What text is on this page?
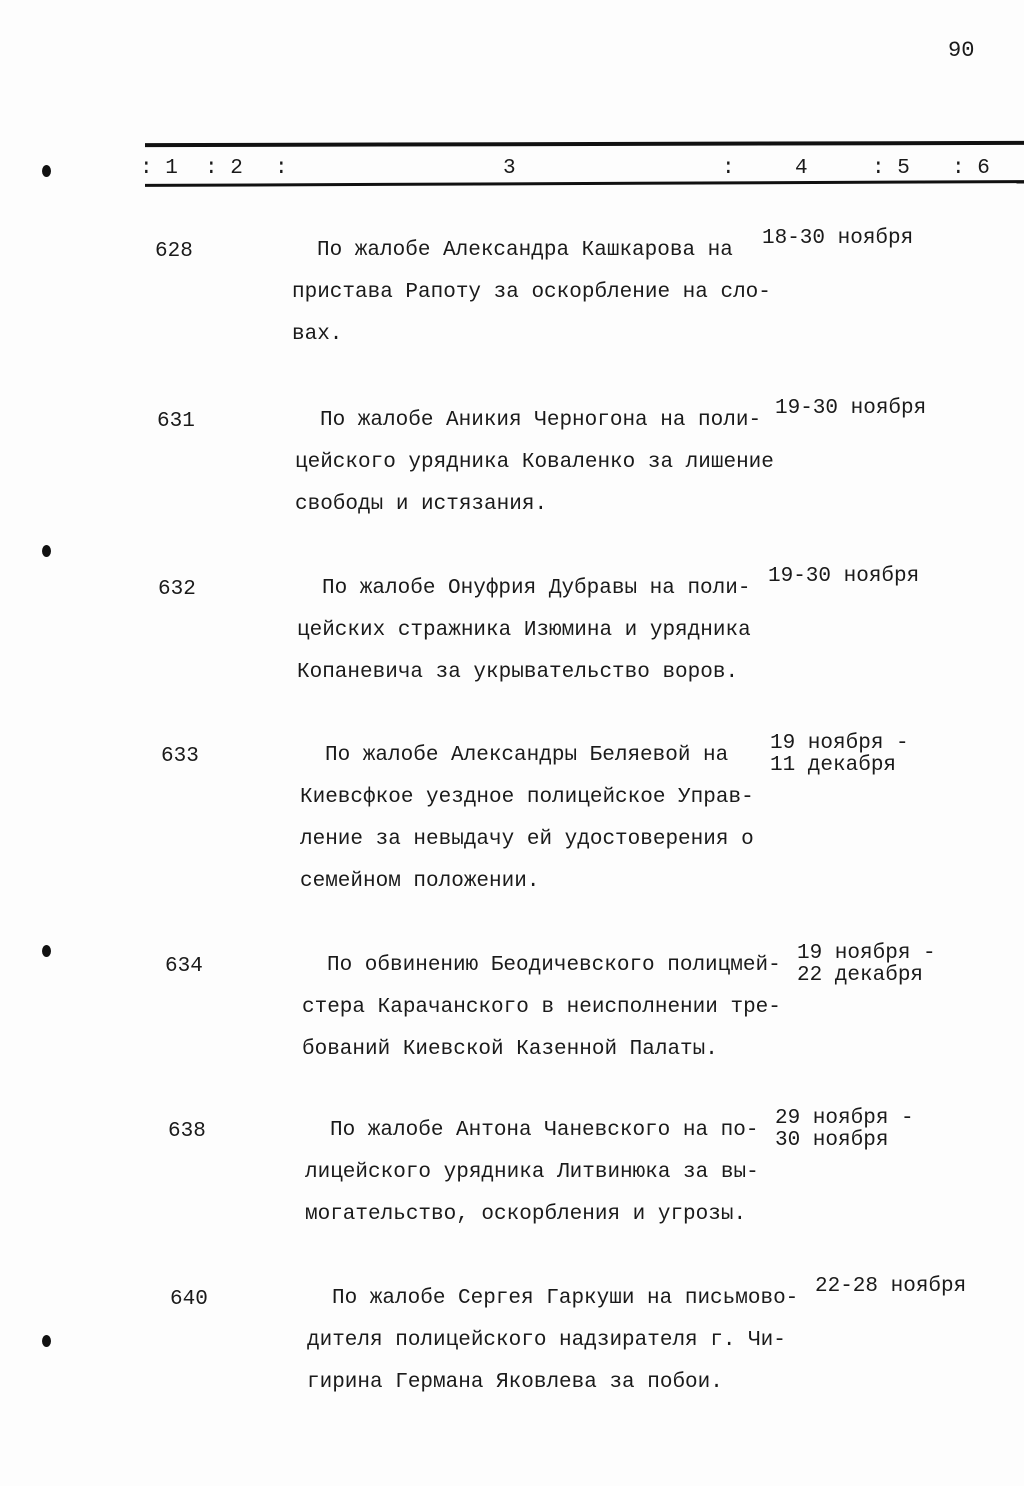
90
: 1 : 2 :	3	:	4	: 5 : 6
628	По жалобе Александра Кашкарова на
пристава Рапоту за оскорбление на сло-
вах.
18-30 ноября
631	По жалобе Аникия Черногона на поли-
цейского урядника Коваленко за лишение
свободы и истязания.
19-30 ноября
632	По жалобе Онуфрия Дубравы на поли-
цейских стражника Изюмина и урядника
Копаневича за укрывательство воров.
19-30 ноября
633	По жалобе Александры Беляевой на
Киевсфкое уездное полицейское Управ-
ление за невыдачу ей удостоверения о
семейном положении.
19 ноября -
11 декабря
634	По обвинению Беодичевского полицмей-
стера Карачанского в неисполнении тре-
бований Киевской Казенной Палаты.
19 ноября -
22 декабря
638	По жалобе Антона Чаневского на по-
лицейского урядника Литвинюка за вы-
могательство, оскорбления и угрозы.
29 ноября -
30 ноября
640	По жалобе Сергея Гаркуши на письмово-
дителя полицейского надзирателя г. Чи-
гирина Германа Яковлева за побои.
22-28 ноября
